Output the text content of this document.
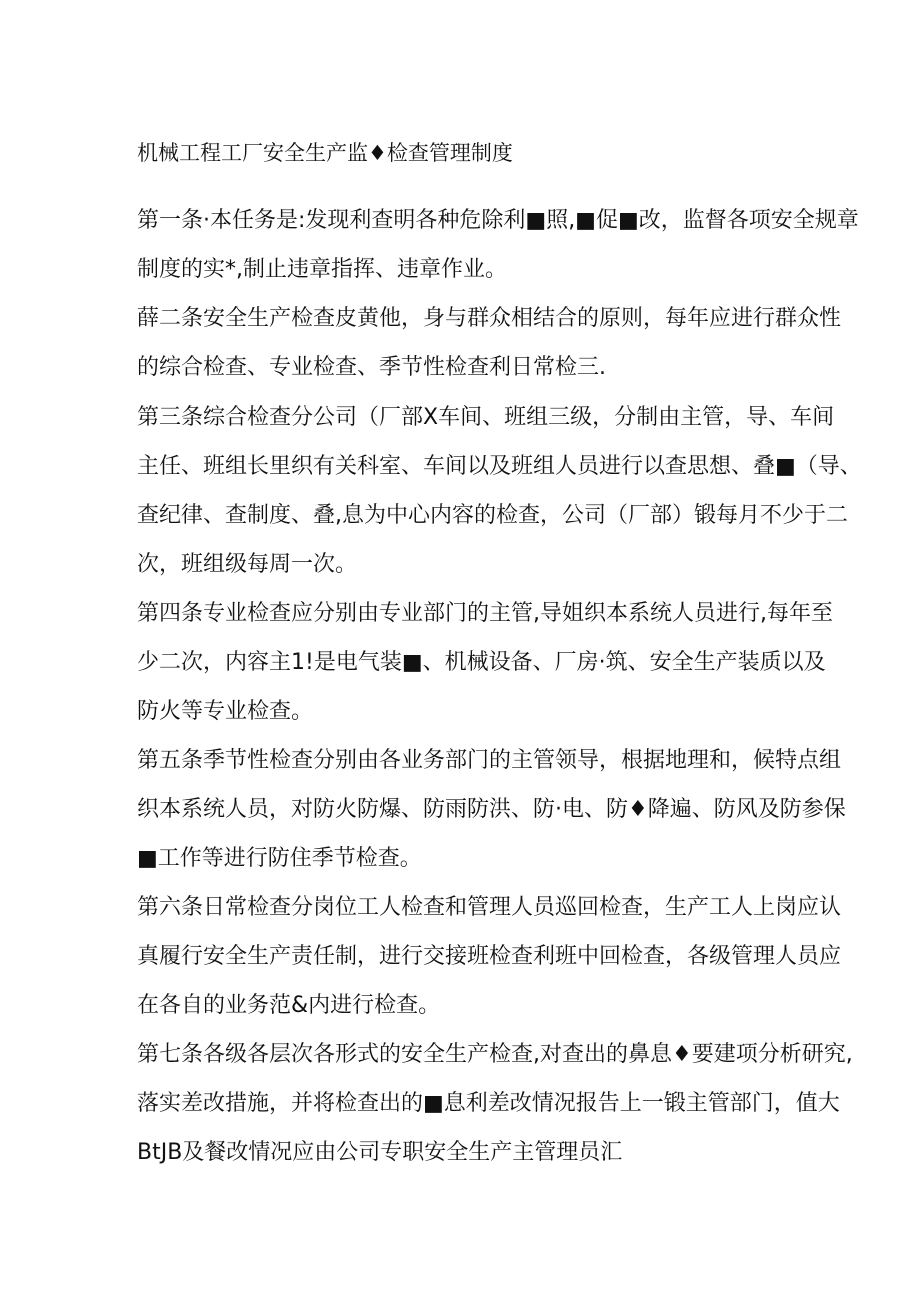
机械工程工厂安全生产监♦检查管理制度
第一条·本任务是:发现利查明各种危除利■照,■促■改，监督各项安全规章
制度的实*,制止违章指挥、违章作业。
薛二条安全生产检查皮黄他，身与群众相结合的原则，每年应进行群众性
的综合检查、专业检查、季节性检查利日常检三.
第三条综合检查分公司（厂部X车间、班组三级，分制由主管，导、车间
主任、班组长里织有关科室、车间以及班组人员进行以查思想、叠■（导、
查纪律、查制度、叠,息为中心内容的检查，公司（厂部）锻每月不少于二
次，班组级每周一次。
第四条专业检查应分别由专业部门的主管,导姐织本系统人员进行,每年至
少二次，内容主1!是电气装■、机械设备、厂房·筑、安全生产装质以及
防火等专业检查。
第五条季节性检查分别由各业务部门的主管领导，根据地理和，候特点组
织本系统人员，对防火防爆、防雨防洪、防·电、防♦降遍、防风及防参保
■工作等进行防住季节检查。
第六条日常检查分岗位工人检查和管理人员巡回检查，生产工人上岗应认
真履行安全生产责任制，进行交接班检查利班中回检查，各级管理人员应
在各自的业务范&内进行检查。
第七条各级各层次各形式的安全生产检查,对查出的鼻息♦要建项分析研究,
落实差改措施，并将检查出的■息利差改情况报告上一锻主管部门，值大
BtJB及餐改情况应由公司专职安全生产主管理员汇
